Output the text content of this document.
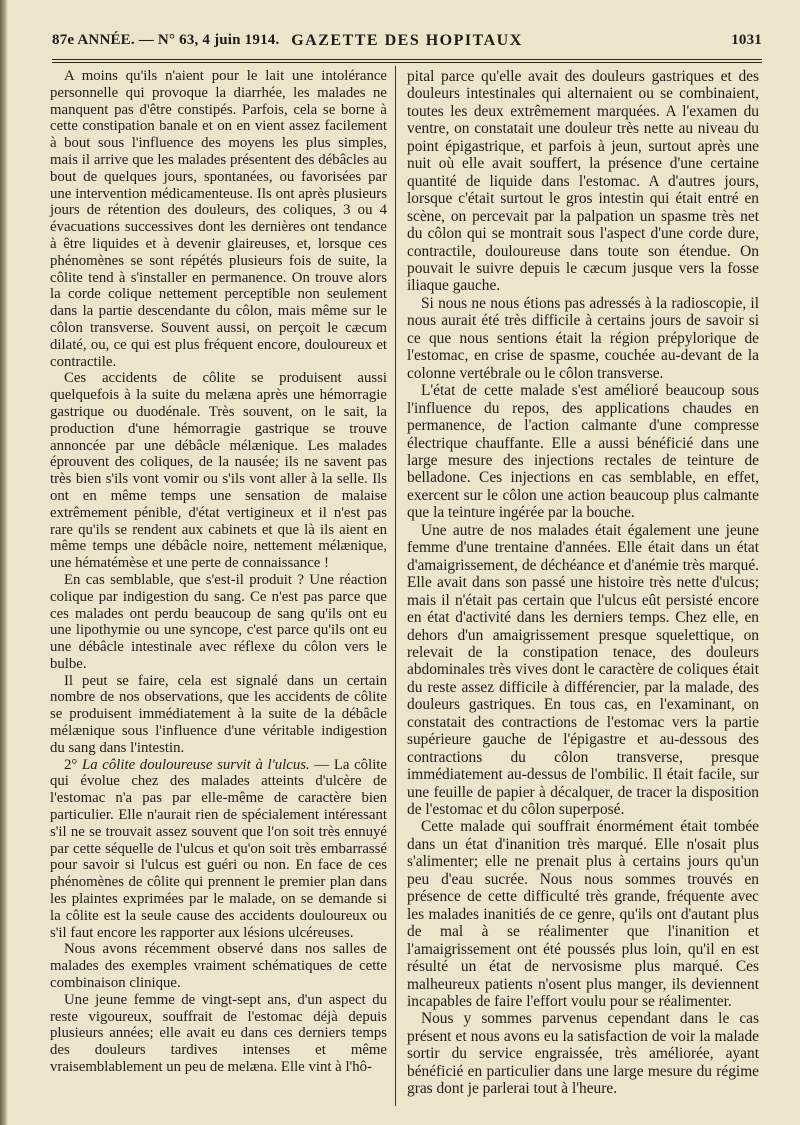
87e ANNÉE. — N° 63, 4 juin 1914. GAZETTE DES HOPITAUX	1031

A moins qu'ils n'aient pour le lait une intolérance personnelle qui provoque la diarrhée, les malades ne manquent pas d'être constipés. Parfois, cela se borne à cette constipation banale et on en vient assez facilement à bout sous l'influence des moyens les plus simples, mais il arrive que les malades présentent des débâcles au bout de quelques jours, spontanées, ou favorisées par une intervention médicamenteuse. Ils ont après plusieurs jours de rétention des douleurs, des coliques, 3 ou 4 évacuations successives dont les dernières ont tendance à être liquides et à devenir glaireuses, et, lorsque ces phénomènes se sont répétés plusieurs fois de suite, la côlite tend à s'installer en permanence. On trouve alors la corde colique nettement perceptible non seulement dans la partie descendante du côlon, mais même sur le côlon transverse. Souvent aussi, on perçoit le cæcum dilaté, ou, ce qui est plus fréquent encore, douloureux et contractile.

Ces accidents de côlite se produisent aussi quelquefois à la suite du melæna après une hémorragie gastrique ou duodénale. Très souvent, on le sait, la production d'une hémorragie gastrique se trouve annoncée par une débâcle mélænique. Les malades éprouvent des coliques, de la nausée; ils ne savent pas très bien s'ils vont vomir ou s'ils vont aller à la selle. Ils ont en même temps une sensation de malaise extrêmement pénible, d'état vertigineux et il n'est pas rare qu'ils se rendent aux cabinets et que là ils aient en même temps une débâcle noire, nettement mélænique, une hématémèse et une perte de connaissance !

En cas semblable, que s'est-il produit ? Une réaction colique par indigestion du sang. Ce n'est pas parce que ces malades ont perdu beaucoup de sang qu'ils ont eu une lipothymie ou une syncope, c'est parce qu'ils ont eu une débâcle intestinale avec réflexe du côlon vers le bulbe.

Il peut se faire, cela est signalé dans un certain nombre de nos observations, que les accidents de côlite se produisent immédiatement à la suite de la débâcle mélænique sous l'influence d'une véritable indigestion du sang dans l'intestin.

2° La côlite douloureuse survit à l'ulcus. — La côlite qui évolue chez des malades atteints d'ulcère de l'estomac n'a pas par elle-même de caractère bien particulier. Elle n'aurait rien de spécialement intéressant s'il ne se trouvait assez souvent que l'on soit très ennuyé par cette séquelle de l'ulcus et qu'on soit très embarrassé pour savoir si l'ulcus est guéri ou non. En face de ces phénomènes de côlite qui prennent le premier plan dans les plaintes exprimées par le malade, on se demande si la côlite est la seule cause des accidents douloureux ou s'il faut encore les rapporter aux lésions ulcéreuses.

Nous avons récemment observé dans nos salles de malades des exemples vraiment schématiques de cette combinaison clinique.

Une jeune femme de vingt-sept ans, d'un aspect du reste vigoureux, souffrait de l'estomac déjà depuis plusieurs années; elle avait eu dans ces derniers temps des douleurs tardives intenses et même vraisemblablement un peu de melæna. Elle vint à l'hô-

pital parce qu'elle avait des douleurs gastriques et des douleurs intestinales qui alternaient ou se combinaient, toutes les deux extrêmement marquées. A l'examen du ventre, on constatait une douleur très nette au niveau du point épigastrique, et parfois à jeun, surtout après une nuit où elle avait souffert, la présence d'une certaine quantité de liquide dans l'estomac. A d'autres jours, lorsque c'était surtout le gros intestin qui était entré en scène, on percevait par la palpation un spasme très net du côlon qui se montrait sous l'aspect d'une corde dure, contractile, douloureuse dans toute son étendue. On pouvait le suivre depuis le cæcum jusque vers la fosse iliaque gauche.

Si nous ne nous étions pas adressés à la radioscopie, il nous aurait été très difficile à certains jours de savoir si ce que nous sentions était la région prépylorique de l'estomac, en crise de spasme, couchée au-devant de la colonne vertébrale ou le côlon transverse.

L'état de cette malade s'est amélioré beaucoup sous l'influence du repos, des applications chaudes en permanence, de l'action calmante d'une compresse électrique chauffante. Elle a aussi bénéficié dans une large mesure des injections rectales de teinture de belladone. Ces injections en cas semblable, en effet, exercent sur le côlon une action beaucoup plus calmante que la teinture ingérée par la bouche.

Une autre de nos malades était également une jeune femme d'une trentaine d'années. Elle était dans un état d'amaigrissement, de déchéance et d'anémie très marqué. Elle avait dans son passé une histoire très nette d'ulcus; mais il n'était pas certain que l'ulcus eût persisté encore en état d'activité dans les derniers temps. Chez elle, en dehors d'un amaigrissement presque squelettique, on relevait de la constipation tenace, des douleurs abdominales très vives dont le caractère de coliques était du reste assez difficile à différencier, par la malade, des douleurs gastriques. En tous cas, en l'examinant, on constatait des contractions de l'estomac vers la partie supérieure gauche de l'épigastre et au-dessous des contractions du côlon transverse, presque immédiatement au-dessus de l'ombilic. Il était facile, sur une feuille de papier à décalquer, de tracer la disposition de l'estomac et du côlon superposé.

Cette malade qui souffrait énormément était tombée dans un état d'inanition très marqué. Elle n'osait plus s'alimenter; elle ne prenait plus à certains jours qu'un peu d'eau sucrée. Nous nous sommes trouvés en présence de cette difficulté très grande, fréquente avec les malades inanitiés de ce genre, qu'ils ont d'autant plus de mal à se réalimenter que l'inanition et l'amaigrissement ont été poussés plus loin, qu'il en est résulté un état de nervosisme plus marqué. Ces malheureux patients n'osent plus manger, ils deviennent incapables de faire l'effort voulu pour se réalimenter.

Nous y sommes parvenus cependant dans le cas présent et nous avons eu la satisfaction de voir la malade sortir du service engraissée, très améliorée, ayant bénéficié en particulier dans une large mesure du régime gras dont je parlerai tout à l'heure.
